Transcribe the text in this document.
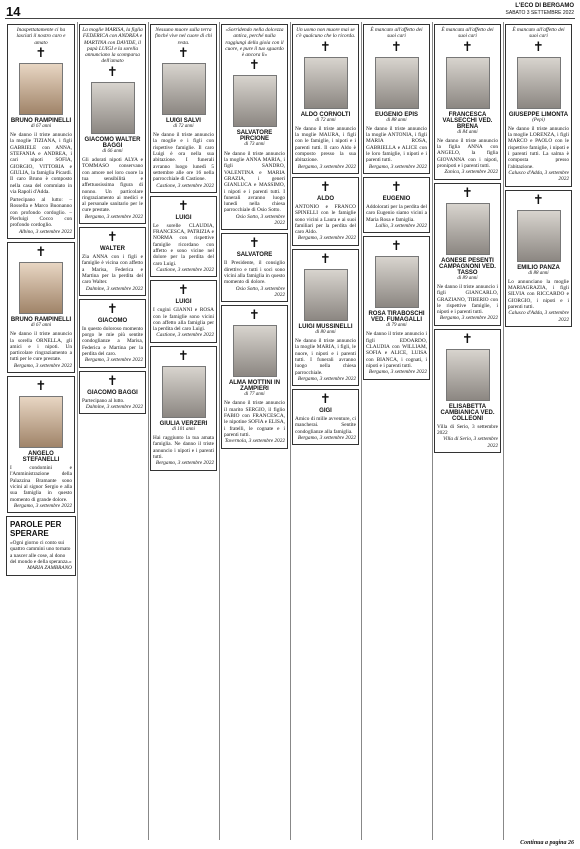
14	L'ECO DI BERGAMO
SABATO 3 SETTEMBRE 2022
Inaspettatamente ci ha lasciati il nostro caro e amato
✝
BRUNO RAMPINELLI
di 67 anni
Ne danno il triste annuncio la moglie TIZIANA, i figli GABRIELE con ANNA, STEFANIA e ANDREA, i cari nipoti SOFIA, GIORGIO, VITTORIA e GIULIA, la famiglia Picardi. Il caro Bruno è composto nella casa del commiato in via Rapoli d'Adda.
Partecipano al lutto: – Rossella e Marco Buonanno con profondo cordoglio. – Pierluigi Cocco con profondo cordoglio.
Albino, 3 settembre 2022
✝
BRUNO RAMPINELLI
di 67 anni
Ne danno il triste annuncio la sorella ORNELLA, gli amici e i nipoti. Un particolare ringraziamento a tutti per le cure prestate.
Bergamo, 3 settembre 2022
✝
ANGELO STEFANELLI
I condomini e l'Amministrazione della Palazzina Bramante sono vicini al signor Sergio e alla sua famiglia in questo momento di grande dolore.
Bergamo, 3 settembre 2022
PAROLE PER SPERARE
«Ogni giorno ci conto sui quattro cammini uno tornato a nascer alle cose, al dono del mondo e della speranza.»
MARIA ZAMBRANO
La moglie MARISA, la figlia FEDERICA con ANDREA e MARTINA con DAVIDE, il papà LUIGI e la sorella annunciano la scomparsa dell'amato
✝
GIACOMO WALTER BAGGI
di 66 anni
Gli adorati nipoti ALYA e TOMMASO conservano con amore nel loro cuore la tua sensibilità e affettuosissima figura di nonno. Un particolare ringraziamento ai medici e al personale sanitario per le cure prestate.
Bergamo, 3 settembre 2022
✝
WALTER
Zia ANNA con i figli e famiglie è vicina con affetto a Marisa, Federica e Martina per la perdita del caro Walter.
Dalmine, 3 settembre 2022
✝
GIACOMO
In questo doloroso momento porgo le mie più sentite condoglianze a Marisa, Federica e Martina per la perdita del caro.
Bergamo, 3 settembre 2022
✝
GIACOMO BAGGI
Partecipano al lutto.
Dalmine, 3 settembre 2022
Nessuno muore sulla terra finché vive nel cuore di chi resta.
✝
LUIGI SALVI
di 72 anni
Ne danno il triste annuncio la moglie e i figli con rispettive famiglie. Il caro Luigi è ora nella sua abitazione. I funerali avranno luogo lunedì 5 settembre alle ore 16 nella parrocchiale di Castione.
Castione, 3 settembre 2022
✝
LUIGI
Le sorelle CLAUDIA, FRANCESCA, PATRIZIA e NORMA con rispettive famiglie ricordano con affetto e sono vicine nel dolore per la perdita del caro Luigi.
Castione, 3 settembre 2022
✝
LUIGI
I cugini GIANNI e ROSA con le famiglie sono vicini con affetto alla famiglia per la perdita del caro Luigi.
Castione, 3 settembre 2022
✝
GIULIA VERZERI
di 101 anni
Hai raggiunto la tua amata famiglia. Ne danno il triste annuncio i nipoti e i parenti tutti.
Bergamo, 3 settembre 2022
«Sorridendo nella dolcezza antica, perché nulla raggiungi della gioia con il cuore, e pure il tuo sguardo è ancora lì»
✝
SALVATORE PIRCIONE
di 73 anni
Ne danno il triste annuncio la moglie ANNA MARIA, i figli SANDRO, VALENTINA e MARIA GRAZIA, i generi GIANLUCA e MASSIMO, i nipoti e i parenti tutti. I funerali avranno luogo lunedì nella chiesa parrocchiale di Osio Sotto.
Osio Sotto, 3 settembre 2022
✝
SALVATORE
Il Presidente, il consiglio direttivo e tutti i soci sono vicini alla famiglia in questo momento di dolore.
Osio Sotto, 3 settembre 2022
✝
ALMA MOTTINI IN ZAMPIERI
di 77 anni
Ne danno il triste annuncio il marito SERGIO, il figlio FABIO con FRANCESCA, le nipotine SOFIA e ELISA, i fratelli, le cognate e i parenti tutti.
Tavernola, 3 settembre 2022
Un uomo non muore mai se c'è qualcuno che lo ricorda.
✝
ALDO CORNOLTI
di 72 anni
Ne danno il triste annuncio la moglie MAURA, i figli con le famiglie, i nipoti e i parenti tutti. Il caro Aldo è composto presso la sua abitazione.
Bergamo, 3 settembre 2022
✝
ALDO
ANTONIO e FRANCO SPINELLI con le famiglie sono vicini a Laura e ai suoi familiari per la perdita del caro Aldo.
Bergamo, 3 settembre 2022
✝
LUIGI MUSSINELLI
di 80 anni
Ne danno il triste annuncio la moglie MARIA, i figli, le nuore, i nipoti e i parenti tutti. I funerali avranno luogo nella chiesa parrocchiale.
Bergamo, 3 settembre 2022
✝
GIGI
Amico di mille avventure, ci mancherai. Sentite condoglianze alla famiglia.
Bergamo, 3 settembre 2022
È mancato all'affetto dei suoi cari
✝
EUGENIO EPIS
di 88 anni
Ne danno il triste annuncio la moglie ANTONIA, i figli MARIA ROSA, GABRIELLA e ALICE con le loro famiglie, i nipoti e i parenti tutti.
Bergamo, 3 settembre 2022
✝
EUGENIO
Addolorati per la perdita del caro Eugenio siamo vicini a Maria Rosa e famiglia.
Lallio, 3 settembre 2022
✝
ROSA TIRABOSCHI VED. FUMAGALLI
di 79 anni
Ne danno il triste annuncio i figli EDOARDO, CLAUDIA con WILLIAM, SOFIA e ALICE, LUISA con BIANCA, i cognati, i nipoti e i parenti tutti.
Bergamo, 3 settembre 2022
È mancata all'affetto dei suoi cari
✝
FRANCESCA VALSECCHI VED. BRENA
di 84 anni
Ne danno il triste annuncio la figlia ANNA con ANGELO, la figlia GIOVANNA con i nipoti, pronipoti e i parenti tutti.
Zanica, 3 settembre 2022
✝
AGNESE PESENTI CAMPAGNONI VED. TASSO
di 89 anni
Ne danno il triste annuncio i figli GIANCARLO, GRAZIANO, TIBERIO con le rispettive famiglie, i nipoti e i parenti tutti.
Bergamo, 3 settembre 2022
✝
ELISABETTA CAMBIANICA VED. COLLEONI
Villa di Serio, 3 settembre 2022
Villa di Serio, 3 settembre 2022
È mancato all'affetto dei suoi cari
✝
GIUSEPPE LIMONTA
(Pepi)
Ne danno il triste annuncio la moglie LORENZA, i figli MARCO e PAOLO con le rispettive famiglie, i nipoti e i parenti tutti. La salma è composta presso l'abitazione.
Calusco d'Adda, 3 settembre 2022
✝
EMILIO PANZA
di 88 anni
Lo annunciano la moglie MARIAGRAZIA, i figli SILVIA con RICCARDO e GIORGIO, i nipoti e i parenti tutti.
Calusco d'Adda, 3 settembre 2022
Continua a pagina 26
